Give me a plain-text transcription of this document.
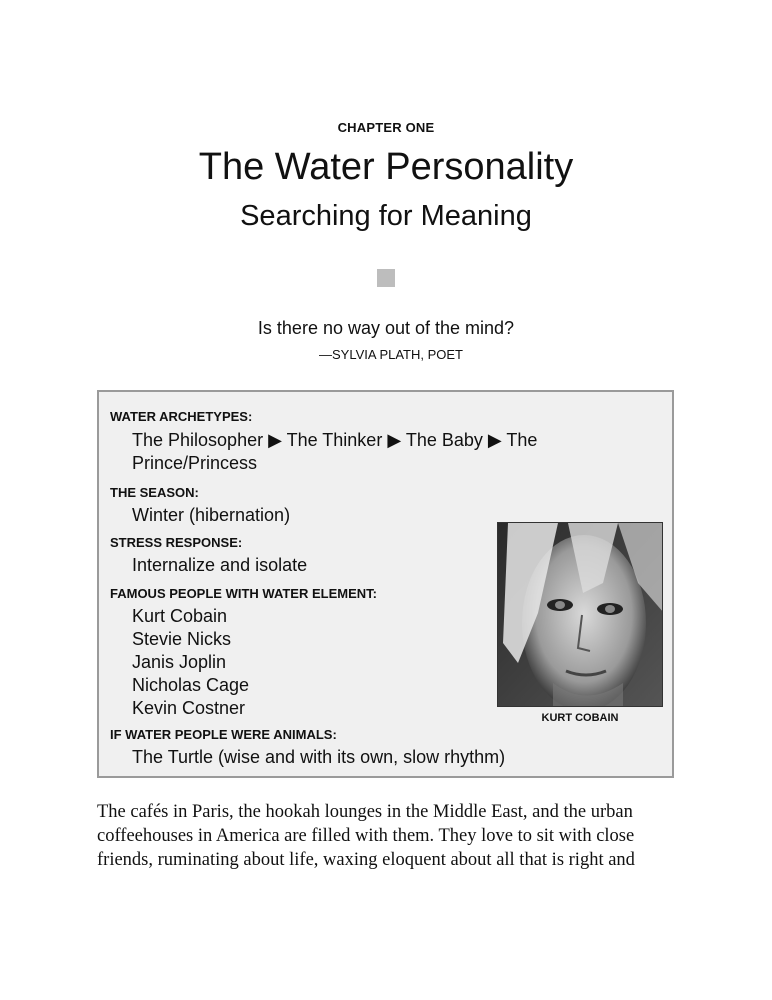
CHAPTER ONE
The Water Personality
Searching for Meaning
Is there no way out of the mind?
—SYLVIA PLATH, POET
WATER ARCHETYPES:
The Philosopher ▶ The Thinker ▶ The Baby ▶ The
Prince/Princess
THE SEASON:
Winter (hibernation)
STRESS RESPONSE:
Internalize and isolate
FAMOUS PEOPLE WITH WATER ELEMENT:
Kurt Cobain
Stevie Nicks
Janis Joplin
Nicholas Cage
Kevin Costner
IF WATER PEOPLE WERE ANIMALS:
The Turtle (wise and with its own, slow rhythm)
KURT COBAIN
The cafés in Paris, the hookah lounges in the Middle East, and the urban
coffeehouses in America are filled with them. They love to sit with close
friends, ruminating about life, waxing eloquent about all that is right and
